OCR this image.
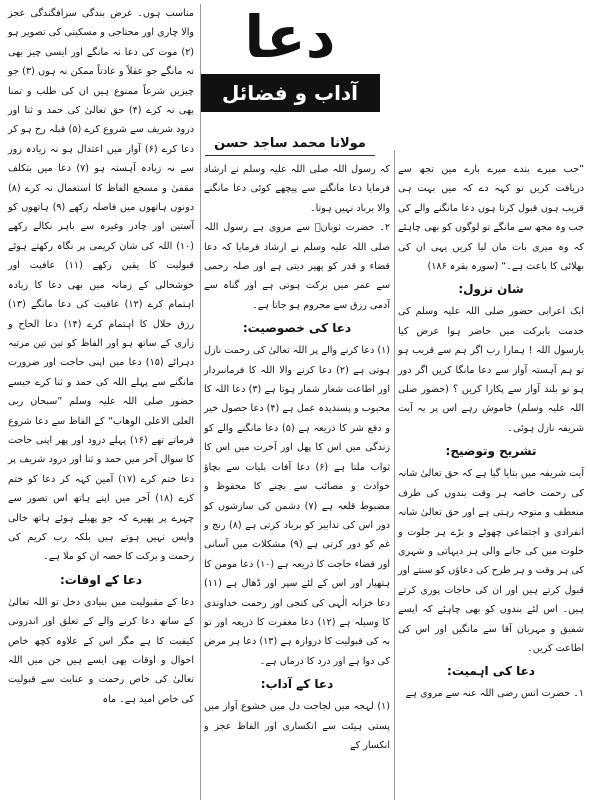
دعا
آداب و فضائل
مولانا محمد ساجد حسن

”جب میرے بندے میرے بارے میں تجھ سے دریافت کریں تو کہہ دے کہ میں بہت ہی قریب ہوں قبول کرتا ہوں دعا مانگنے والے کی جب وہ مجھ سے مانگے تو لوگوں کو بھی چاہئے کہ وہ میری بات مان لیا کریں یہی ان کی بھلائی کا باعث ہے۔“ (سورہ بقرہ ۱۸۶)

شان نزول:

ایک اعرابی حضور صلی اللہ علیہ وسلم کی خدمت بابرکت میں حاضر ہوا عرض کیا یارسول اللہ ! ہمارا رب اگر ہم سے قریب ہو تو ہم آہستہ آواز سے دعا مانگا کریں اگر دور ہو تو بلند آواز سے پکارا کریں ؟ (حضور صلی اللہ علیہ وسلم) خاموش رہے اس پر یہ آیت شریفہ نازل ہوئی۔

تشریح وتوضیح:

آیت شریفہ میں بتایا گیا ہے کہ حق تعالیٰ شانہ کی رحمت خاصہ ہر وقت بندوں کی طرف منعطف و متوجہ رہتی ہے اور حق تعالیٰ شانہ انفرادی و اجتماعی چھوٹے و بڑے ہر جلوت و خلوت میں کی جانے والی ہر دیہاتی و شہری کی ہر وقت و ہر طرح کی دعاؤں کو سنتے اور قبول کرتے ہیں اور ان کی حاجات پوری کرتے ہیں۔ اس لئے بندوں کو بھی چاہئے کہ ایسے شفیق و مہربان آقا سے مانگیں اور اس کی اطاعت کریں۔

دعا کی اہمیت:

۱۔ حضرت انس رضی اللہ عنہ سے مروی ہے

کہ رسول اللہ صلی اللہ علیہ وسلم نے ارشاد فرمایا دعا مانگنے سے پیچھے کوئی دعا مانگنے والا برباد نہیں ہوتا۔

۲۔ حضرت ثوبانؓ سے مروی ہے رسول اللہ صلی اللہ علیہ وسلم نے ارشاد فرمایا کہ دعا قضاء و قدر کو پھیر دیتی ہے اور صلہ رحمی سے عمر میں برکت ہوتی ہے اور گناہ سے آدمی رزق سے محروم ہو جاتا ہے۔

دعا کی خصوصیت:

(۱) دعا کرنے والے پر اللہ تعالیٰ کی رحمت نازل ہوتی ہے (۲) دعا کرنے والا اللہ کا فرمانبردار اور اطاعت شعار شمار ہوتا ہے (۳) دعا اللہ کا محبوب و پسندیدہ عمل ہے (۴) دعا حصول خیر و دفع شر کا ذریعہ ہے (۵) دعا مانگنے والے کو زندگی میں اس کا پھل اور آخرت میں اس کا ثواب ملتا ہے (۶) دعا آفات بلیات سے بچاؤ حوادث و مصائب سے بچنے کا محفوظ و مضبوط قلعہ ہے (۷) دشمن کی سازشوں کو دور اس کی تدابیر کو برباد کرتی ہے (۸) رنج و غم کو دور کرتی ہے (۹) مشکلات میں آسانی اور قضاء حاجت کا ذریعہ ہے (۱۰) دعا مومن کا ہتھیار اور اس کے لئے سپر اور ڈھال ہے (۱۱) دعا خزانہ الٰہی کی کنجی اور رحمت خداوندی کا وسیلہ ہے (۱۲) دعا مغفرت کا ذریعہ اور تو بہ کی قبولیت کا دروازہ ہے (۱۳) دعا ہر مرض کی دوا ہے اور درد کا درماں ہے۔

دعا کے آداب:

(۱) لہجہ میں لجاجت دل میں خشوع آواز میں پستی ہیئت سے انکساری اور الفاظ عجز و انکسار کے

مناسب ہوں۔ غرض بندگی سرافگندگی عجز والا چاری اور محتاجی و مسکینی کی تصویر ہو (۲) موت کی دعا نہ مانگے اور ایسی چیز بھی نہ مانگے جو عقلاً و عادتاً ممکن نہ ہوں (۳) جو چیزیں شرعاً ممنوع ہیں ان کی طلب و تمنا بھی نہ کرے (۴) حق تعالیٰ کی حمد و ثنا اور درود شریف سے شروع کرے (۵) قبلہ رخ ہو کر دعا کرے (۶) آواز میں اعتدال ہو نہ زیادہ زور سے نہ زیادہ آہستہ ہو (۷) دعا میں بتکلف مقفیٰ و مسجع الفاظ کا استعمال نہ کرے (۸) دونوں ہاتھوں میں فاصلہ رکھے (۹) ہاتھوں کو آستین اور چادر وغیرہ سے باہر نکالے رکھے (۱۰) اللہ کی شان کریمی پر نگاہ رکھتے ہوئے قبولیت کا یقین رکھے (۱۱) عافیت اور خوشحالی کے زمانہ میں بھی دعا کا زیادہ اہتمام کرے (۱۲) عافیت کی دعا مانگے (۱۳) رزق حلال کا اہتمام کرے (۱۴) دعا الحاح و زاری کے ساتھ ہو اور الفاظ کو تین تین مرتبہ دہرائے (۱۵) دعا میں اپنی حاجت اور ضرورت مانگنے سے پہلے اللہ کی حمد و ثنا کرے جیسے حضور صلی اللہ علیہ وسلم ”سبحان ربی العلی الاعلی الوھاب“ کے الفاظ سے دعا شروع فرماتے تھے (۱۶) پہلے درود اور پھر اپنی حاجت کا سوال آخر میں حمد و ثنا اور درود شریف پر دعا ختم کرے (۱۷) آمین کہہ کر دعا کو ختم کرے (۱۸) آخر میں اپنے ہاتھ اس تصور سے چہرے پر پھیرے کہ جو پھیلے ہوئے ہاتھ خالی واپس نہیں ہوتے ہیں بلکہ رب کریم کی رحمت و برکت کا حصہ ان کو ملا ہے۔

دعا کے اوقات:

دعا کے مقبولیت میں بنیادی دخل تو اللہ تعالیٰ کے ساتھ دعا کرنے والے کے تعلق اور اندرونی کیفیت کا ہے مگر اس کے علاوہ کچھ خاص احوال و اوقات بھی ایسے ہیں جن میں اللہ تعالیٰ کی خاص رحمت و عنایت سے قبولیت کی خاص امید ہے۔ ماہ
